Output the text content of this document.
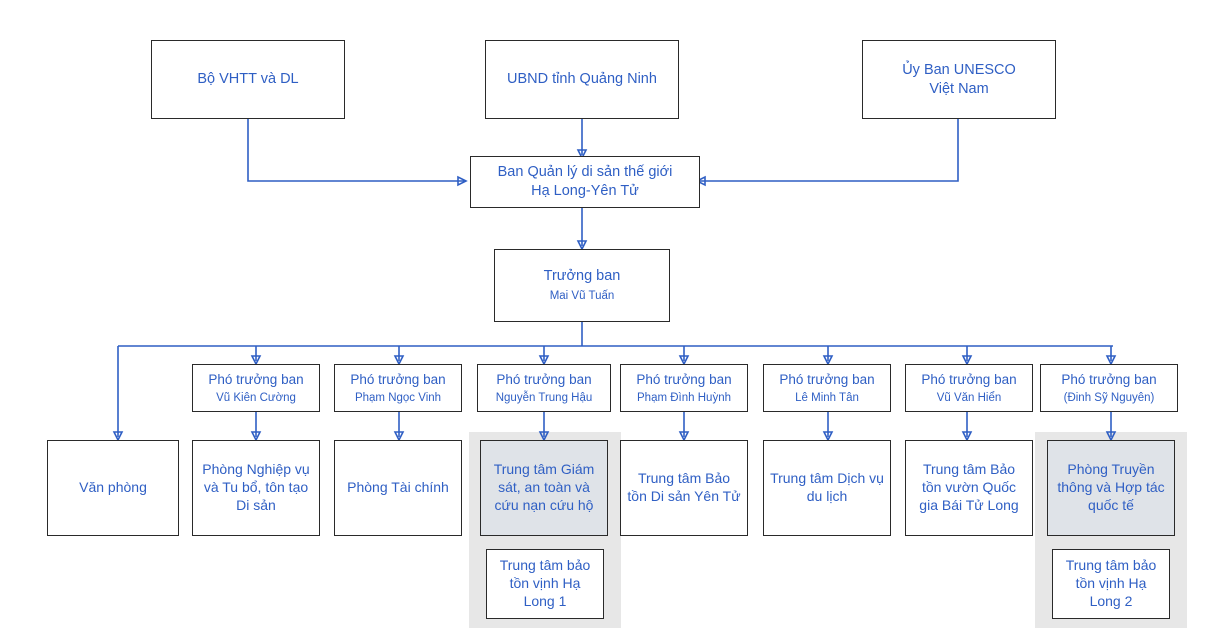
Bộ VHTT và DL	UBND tỉnh Quảng Ninh
Ủy Ban UNESCO
Việt Nam
Ban Quản lý di sản thế giới
Hạ Long-Yên Tử
Trưởng ban
Mai Vũ Tuấn
Phó trưởng ban
Vũ Kiên Cường
Phó trưởng ban
Phạm Ngọc Vinh
Phó trưởng ban
Nguyễn Trung Hậu
Phó trưởng ban
Phạm Đình Huỳnh
Phó trưởng ban
Lê Minh Tân
Phó trưởng ban
Vũ Văn Hiển
Phó trưởng ban
(Đinh Sỹ Nguyên)
Văn phòng
Phòng Nghiệp vụ và Tu bổ, tôn tạo Di sản
Phòng Tài chính
Trung tâm Giám sát, an toàn và cứu nạn cứu hộ
Trung tâm Bảo tồn Di sản Yên Tử
Trung tâm Dịch vụ du lịch
Trung tâm Bảo tồn vườn Quốc gia Bái Tử Long
Phòng Truyền thông và Hợp tác quốc tế
Trung tâm bảo tồn vịnh Hạ Long 1
Trung tâm bảo tồn vịnh Hạ Long 2
